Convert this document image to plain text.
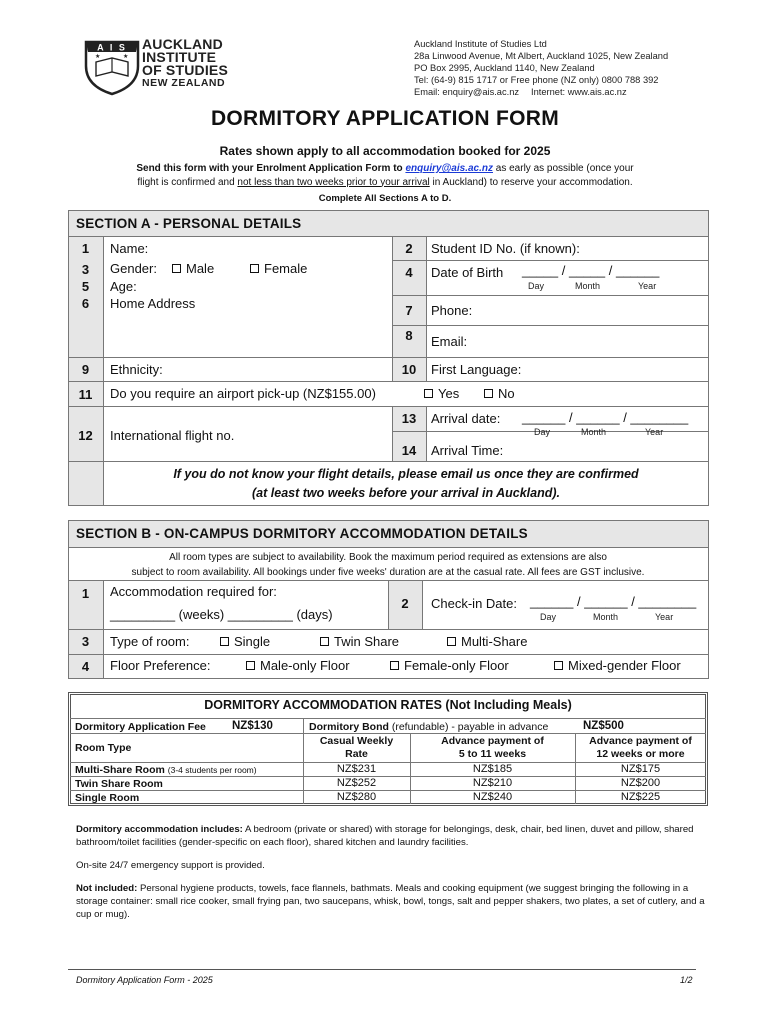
A I S
★	★
AUCKLAND
INSTITUTE
OF STUDIES
NEW ZEALAND
Auckland Institute of Studies Ltd
28a Linwood Avenue, Mt Albert, Auckland 1025, New Zealand
PO Box 2995, Auckland 1140, New Zealand
Tel: (64-9) 815 1717 or Free phone (NZ only) 0800 788 392
Email: enquiry@ais.ac.nz Internet: www.ais.ac.nz
DORMITORY APPLICATION FORM
Rates shown apply to all accommodation booked for 2025
Send this form with your Enrolment Application Form to enquiry@ais.ac.nz as early as possible (once your
flight is confirmed and not less than two weeks prior to your arrival in Auckland) to reserve your accommodation.
Complete All Sections A to D.
SECTION A - PERSONAL DETAILS
1	Name:	2	Student ID No. (if known):
3	Gender:	Male	Female	4	Date of Birth _____ / _____ / ______
Day	Month	Year
5	Age:
6	Home Address	7	Phone:
8	Email:
9	Ethnicity:	10	First Language:
11	Do you require an airport pick-up (NZ$155.00)	Yes	No
12	International flight no.
13	Arrival date: ______ / ______ / ________
Day	Month	Year
14	Arrival Time:
If you do not know your flight details, please email us once they are confirmed
(at least two weeks before your arrival in Auckland).
SECTION B - ON-CAMPUS DORMITORY ACCOMMODATION DETAILS
All room types are subject to availability. Book the maximum period required as extensions are also
subject to room availability. All bookings under five weeks' duration are at the casual rate. All fees are GST inclusive.
1	Accommodation required for:
_________ (weeks) _________ (days)
2	Check-in Date: ______ / ______ / ________
Day	Month	Year
3	Type of room:	Single	Twin Share	Multi-Share
4	Floor Preference:	Male-only Floor	Female-only Floor	Mixed-gender Floor
DORMITORY ACCOMMODATION RATES (Not Including Meals)
Dormitory Application Fee NZ$130	Dormitory Bond (refundable) - payable in advance	NZ$500
Room Type
Casual Weekly
Rate
Advance payment of
5 to 11 weeks
Advance payment of
12 weeks or more
Multi-Share Room (3-4 students per room)	NZ$231	NZ$185	NZ$175
Twin Share Room	NZ$252	NZ$210	NZ$200
Single Room	NZ$280	NZ$240	NZ$225
Dormitory accommodation includes: A bedroom (private or shared) with storage for belongings, desk, chair, bed linen, duvet and pillow, shared bathroom/toilet facilities (gender-specific on each floor), shared kitchen and laundry facilities.
On-site 24/7 emergency support is provided.
Not included: Personal hygiene products, towels, face flannels, bathmats. Meals and cooking equipment (we suggest bringing the following in a storage container: small rice cooker, small frying pan, two saucepans, whisk, bowl, tongs, salt and pepper shakers, two plates, a set of cutlery, and a cup or mug).
Dormitory Application Form - 2025	1/2
